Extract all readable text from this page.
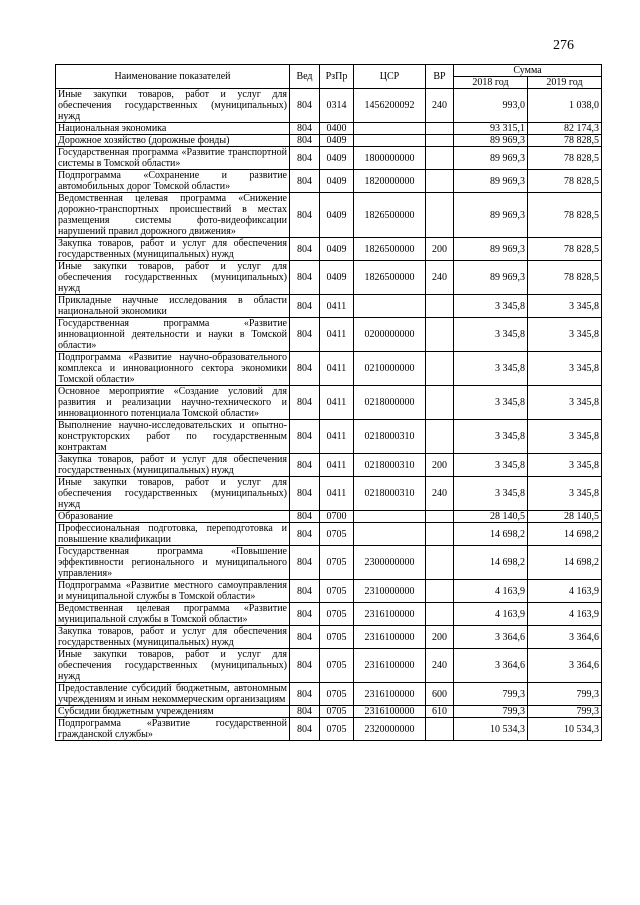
276
Наименование показателей	Вед	РзПр	ЦСР	ВР	Сумма	
					2018 год	2019 год
Иные закупки товаров, работ и услуг для обеспечения государственных (муниципальных) нужд	804	0314	1456200092	240	993,0	1 038,0
Национальная экономика	804	0400			93 315,1	82 174,3
Дорожное хозяйство (дорожные фонды)	804	0409			89 969,3	78 828,5
Государственная программа «Развитие транспортной системы в Томской области»	804	0409	1800000000		89 969,3	78 828,5
Подпрограмма «Сохранение и развитие автомобильных дорог Томской области»	804	0409	1820000000		89 969,3	78 828,5
Ведомственная целевая программа «Снижение дорожно-транспортных происшествий в местах размещения системы фото-видеофиксации нарушений правил дорожного движения»	804	0409	1826500000		89 969,3	78 828,5
Закупка товаров, работ и услуг для обеспечения государственных (муниципальных) нужд	804	0409	1826500000	200	89 969,3	78 828,5
Иные закупки товаров, работ и услуг для обеспечения государственных (муниципальных) нужд	804	0409	1826500000	240	89 969,3	78 828,5
Прикладные научные исследования в области национальной экономики	804	0411			3 345,8	3 345,8
Государственная программа «Развитие инновационной деятельности и науки в Томской области»	804	0411	0200000000		3 345,8	3 345,8
Подпрограмма «Развитие научно-образовательного комплекса и инновационного сектора экономики Томской области»	804	0411	0210000000		3 345,8	3 345,8
Основное мероприятие «Создание условий для развития и реализации научно-технического и инновационного потенциала Томской области»	804	0411	0218000000		3 345,8	3 345,8
Выполнение научно-исследовательских и опытно-конструкторских работ по государственным контрактам	804	0411	0218000310		3 345,8	3 345,8
Закупка товаров, работ и услуг для обеспечения государственных (муниципальных) нужд	804	0411	0218000310	200	3 345,8	3 345,8
Иные закупки товаров, работ и услуг для обеспечения государственных (муниципальных) нужд	804	0411	0218000310	240	3 345,8	3 345,8
Образование	804	0700			28 140,5	28 140,5
Профессиональная подготовка, переподготовка и повышение квалификации	804	0705			14 698,2	14 698,2
Государственная программа «Повышение эффективности регионального и муниципального управления»	804	0705	2300000000		14 698,2	14 698,2
Подпрограмма «Развитие местного самоуправления и муниципальной службы в Томской области»	804	0705	2310000000		4 163,9	4 163,9
Ведомственная целевая программа «Развитие муниципальной службы в Томской области»	804	0705	2316100000		4 163,9	4 163,9
Закупка товаров, работ и услуг для обеспечения государственных (муниципальных) нужд	804	0705	2316100000	200	3 364,6	3 364,6
Иные закупки товаров, работ и услуг для обеспечения государственных (муниципальных) нужд	804	0705	2316100000	240	3 364,6	3 364,6
Предоставление субсидий бюджетным, автономным учреждениям и иным некоммерческим организациям	804	0705	2316100000	600	799,3	799,3
Субсидии бюджетным учреждениям	804	0705	2316100000	610	799,3	799,3
Подпрограмма «Развитие государственной гражданской службы»	804	0705	2320000000		10 534,3	10 534,3
